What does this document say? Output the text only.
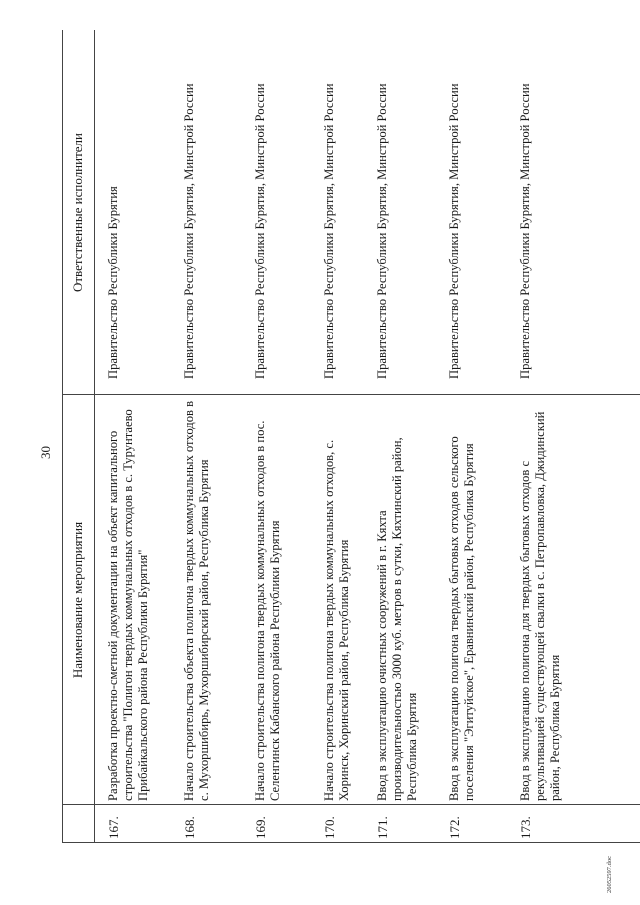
30
Наименование мероприятия
Ответственные исполнители
167.
Разработка проектно-сметной документации на объект капитального строительства "Полигон твердых коммунальных отходов в с. Турунтаево Прибайкальского района Республики Бурятия"
Правительство Республики Бурятия
168.
Начало строительства объекта полигона твердых коммунальных отходов в с. Мухоршибирь, Мухоршибирский район, Республика Бурятия
Правительство Республики Бурятия, Минстрой России
169.
Начало строительства полигона твердых коммунальных отходов в пос. Селенгинск Кабанского района Республики Бурятия
Правительство Республики Бурятия, Минстрой России
170.
Начало строительства полигона твердых коммунальных отходов, с. Хоринск, Хоринский район, Республика Бурятия
Правительство Республики Бурятия, Минстрой России
171.
Ввод в эксплуатацию очистных сооружений в г. Кяхта производительностью 3000 куб. метров в сутки, Кяхтинский район, Республика Бурятия
Правительство Республики Бурятия, Минстрой России
172.
Ввод в эксплуатацию полигона твердых бытовых отходов сельского поселения "Эгитуйское", Еравнинский район, Республика Бурятия
Правительство Республики Бурятия, Минстрой России
173.
Ввод в эксплуатацию полигона для твердых бытовых отходов с рекультивацией существующей свалки в с. Петропавловка, Джидинский район, Республика Бурятия
Правительство Республики Бурятия, Минстрой России
26052597.doc
